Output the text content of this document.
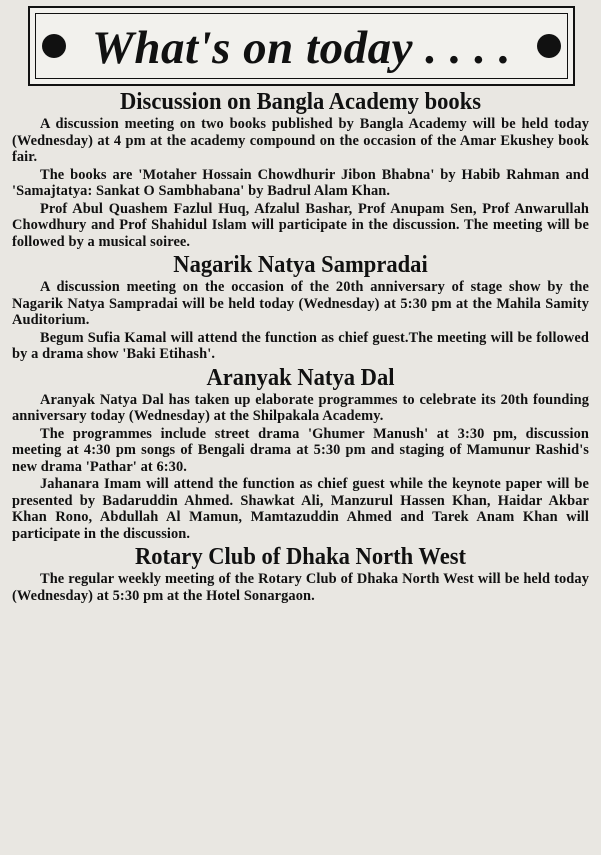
What's on today . . . .
Discussion on Bangla Academy books

A discussion meeting on two books published by Bangla Academy will be held today (Wednesday) at 4 pm at the academy compound on the occasion of the Amar Ekushey book fair.

The books are 'Motaher Hossain Chowdhurir Jibon Bhabna' by Habib Rahman and 'Samajtatya: Sankat O Sambhabana' by Badrul Alam Khan.

Prof Abul Quashem Fazlul Huq, Afzalul Bashar, Prof Anupam Sen, Prof Anwarullah Chowdhury and Prof Shahidul Islam will participate in the discussion. The meeting will be followed by a musical soiree.

Nagarik Natya Sampradai

A discussion meeting on the occasion of the 20th anniversary of stage show by the Nagarik Natya Sampradai will be held today (Wednesday) at 5:30 pm at the Mahila Samity Auditorium.

Begum Sufia Kamal will attend the function as chief guest.The meeting will be followed by a drama show 'Baki Etihash'.

Aranyak Natya Dal

Aranyak Natya Dal has taken up elaborate programmes to celebrate its 20th founding anniversary today (Wednesday) at the Shilpakala Academy.

The programmes include street drama 'Ghumer Manush' at 3:30 pm, discussion meeting at 4:30 pm songs of Bengali drama at 5:30 pm and staging of Mamunur Rashid's new drama 'Pathar' at 6:30.

Jahanara Imam will attend the function as chief guest while the keynote paper will be presented by Badaruddin Ahmed. Shawkat Ali, Manzurul Hassen Khan, Haidar Akbar Khan Rono, Abdullah Al Mamun, Mamtazuddin Ahmed and Tarek Anam Khan will participate in the discussion.

Rotary Club of Dhaka North West

The regular weekly meeting of the Rotary Club of Dhaka North West will be held today (Wednesday) at 5:30 pm at the Hotel Sonargaon.
